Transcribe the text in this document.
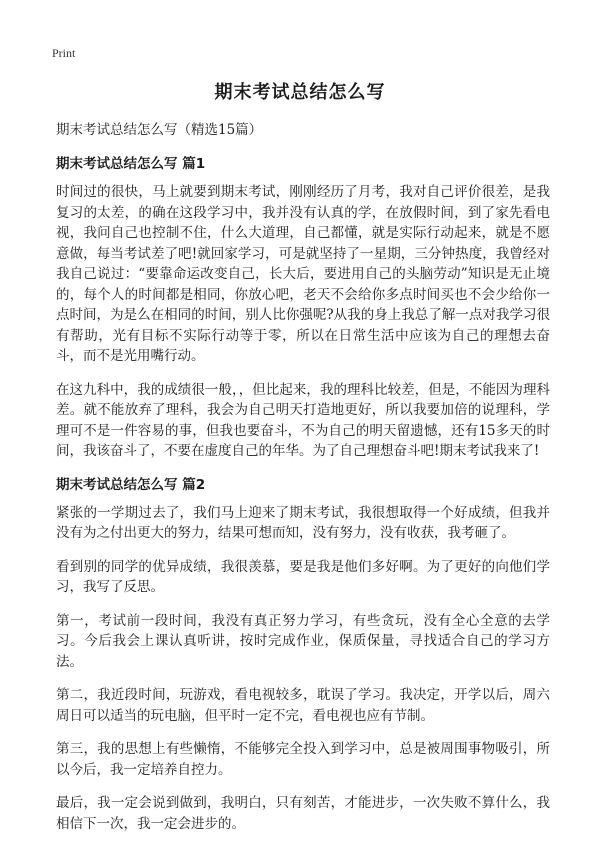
Print
期末考试总结怎么写

期末考试总结怎么写（精选15篇）

期末考试总结怎么写 篇1

时间过的很快，马上就要到期末考试，刚刚经历了月考，我对自己评价很差，是我复习的太差，的确在这段学习中，我并没有认真的学，在放假时间，到了家先看电视，我问自己也控制不住，什么大道理，自己都懂，就是实际行动起来，就是不愿意做，每当考试差了吧!就回家学习，可是就坚持了一星期，三分钟热度，我曾经对我自己说过：“要靠命运改变自己，长大后，要进用自己的头脑劳动”知识是无止境的，每个人的时间都是相同，你放心吧，老天不会给你多点时间买也不会少给你一点时间，为是么在相同的时间，别人比你强呢?从我的身上我总了解一点对我学习很有帮助，光有目标不实际行动等于零，所以在日常生活中应该为自己的理想去奋斗，而不是光用嘴行动。

在这九科中，我的成绩很一般，，但比起来，我的理科比较差，但是，不能因为理科差。就不能放弃了理科，我会为自己明天打造地更好，所以我要加倍的说理科，学理可不是一件容易的事，但我也要奋斗，不为自己的明天留遗憾，还有15多天的时间，我该奋斗了，不要在虚度自己的年华。为了自己理想奋斗吧!期末考试我来了!

期末考试总结怎么写 篇2

紧张的一学期过去了，我们马上迎来了期末考试，我很想取得一个好成绩，但我并没有为之付出更大的努力，结果可想而知，没有努力，没有收获，我考砸了。

看到别的同学的优异成绩，我很羡慕，要是我是他们多好啊。为了更好的向他们学习，我写了反思。

第一，考试前一段时间，我没有真正努力学习，有些贪玩，没有全心全意的去学习。今后我会上课认真听讲，按时完成作业，保质保量，寻找适合自己的学习方法。

第二，我近段时间，玩游戏，看电视较多，耽误了学习。我决定，开学以后，周六周日可以适当的玩电脑，但平时一定不完，看电视也应有节制。

第三，我的思想上有些懒惰，不能够完全投入到学习中，总是被周围事物吸引，所以今后，我一定培养自控力。

最后，我一定会说到做到，我明白，只有刻苦，才能进步，一次失败不算什么，我相信下一次，我一定会进步的。
